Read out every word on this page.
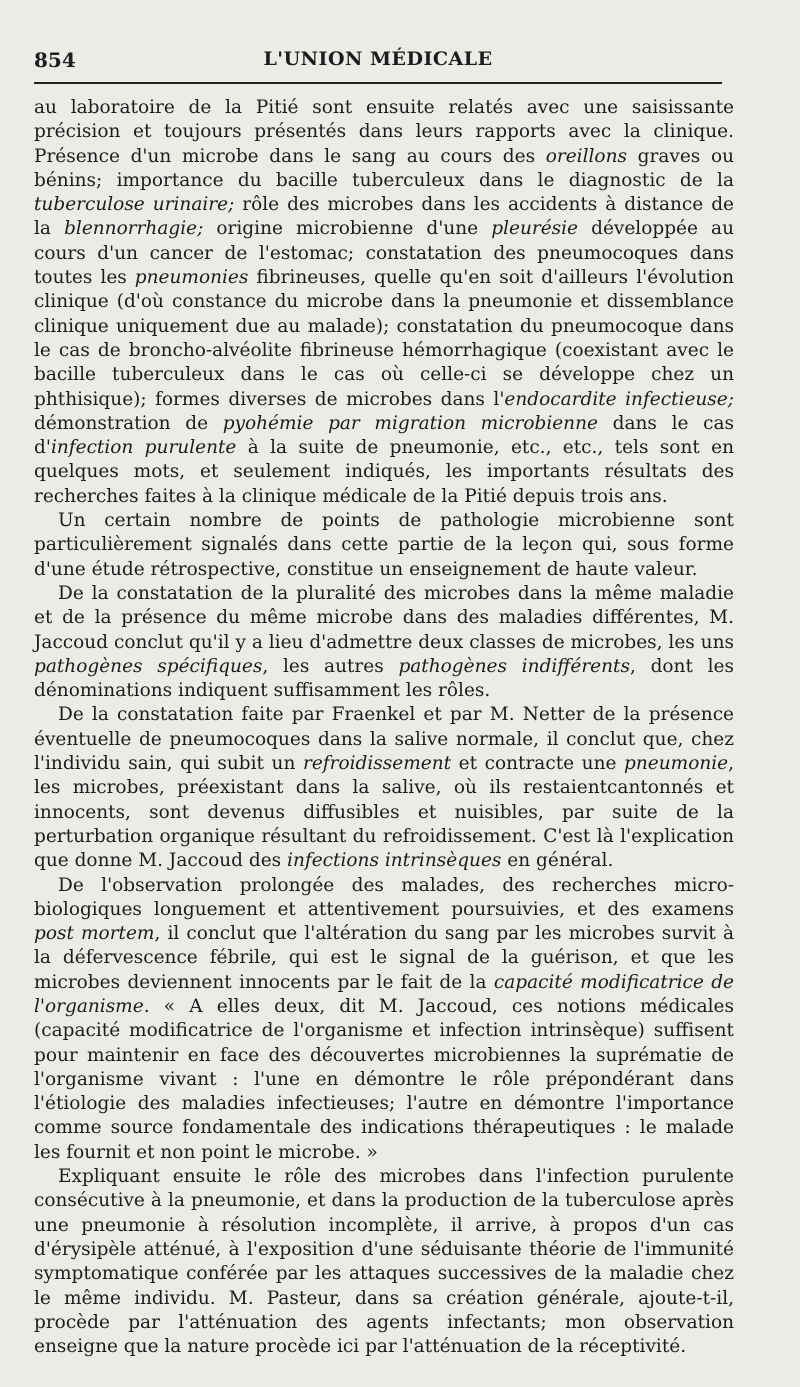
854	L'UNION MÉDICALE

au laboratoire de la Pitié sont ensuite relatés avec une saisissante précision et toujours présentés dans leurs rapports avec la clinique. Présence d'un microbe dans le sang au cours des oreillons graves ou bénins; importance du bacille tuberculeux dans le diagnostic de la tuberculose urinaire; rôle des microbes dans les accidents à distance de la blennorrhagie; origine microbienne d'une pleurésie développée au cours d'un cancer de l'estomac; constatation des pneumocoques dans toutes les pneumonies fibrineuses, quelle qu'en soit d'ailleurs l'évolution clinique (d'où constance du microbe dans la pneumonie et dissemblance clinique uniquement due au malade); constatation du pneumocoque dans le cas de broncho-alvéolite fibrineuse hémorrhagique (coexistant avec le bacille tuberculeux dans le cas où celle-ci se développe chez un phthisique); formes diverses de microbes dans l'endocardite infectieuse; démonstration de pyohémie par migration microbienne dans le cas d'infection purulente à la suite de pneumonie, etc., etc., tels sont en quelques mots, et seulement indiqués, les importants résultats des recherches faites à la clinique médicale de la Pitié depuis trois ans.

Un certain nombre de points de pathologie microbienne sont particulièrement signalés dans cette partie de la leçon qui, sous forme d'une étude rétrospective, constitue un enseignement de haute valeur.

De la constatation de la pluralité des microbes dans la même maladie et de la présence du même microbe dans des maladies différentes, M. Jaccoud conclut qu'il y a lieu d'admettre deux classes de microbes, les uns pathogènes spécifiques, les autres pathogènes indifférents, dont les dénominations indiquent suffisamment les rôles.

De la constatation faite par Fraenkel et par M. Netter de la présence éventuelle de pneumocoques dans la salive normale, il conclut que, chez l'individu sain, qui subit un refroidissement et contracte une pneumonie, les microbes, préexistant dans la salive, où ils restaientcantonnés et innocents, sont devenus diffusibles et nuisibles, par suite de la perturbation organique résultant du refroidissement. C'est là l'explication que donne M. Jaccoud des infections intrinsèques en général.

De l'observation prolongée des malades, des recherches micro-biologiques longuement et attentivement poursuivies, et des examens post mortem, il conclut que l'altération du sang par les microbes survit à la défervescence fébrile, qui est le signal de la guérison, et que les microbes deviennent innocents par le fait de la capacité modificatrice de l'organisme. « A elles deux, dit M. Jaccoud, ces notions médicales (capacité modificatrice de l'organisme et infection intrinsèque) suffisent pour maintenir en face des découvertes microbiennes la suprématie de l'organisme vivant : l'une en démontre le rôle prépondérant dans l'étiologie des maladies infectieuses; l'autre en démontre l'importance comme source fondamentale des indications thérapeutiques : le malade les fournit et non point le microbe. »

Expliquant ensuite le rôle des microbes dans l'infection purulente consécutive à la pneumonie, et dans la production de la tuberculose après une pneumonie à résolution incomplète, il arrive, à propos d'un cas d'érysipèle atténué, à l'exposition d'une séduisante théorie de l'immunité symptomatique conférée par les attaques successives de la maladie chez le même individu. M. Pasteur, dans sa création générale, ajoute-t-il, procède par l'atténuation des agents infectants; mon observation enseigne que la nature procède ici par l'atténuation de la réceptivité.
